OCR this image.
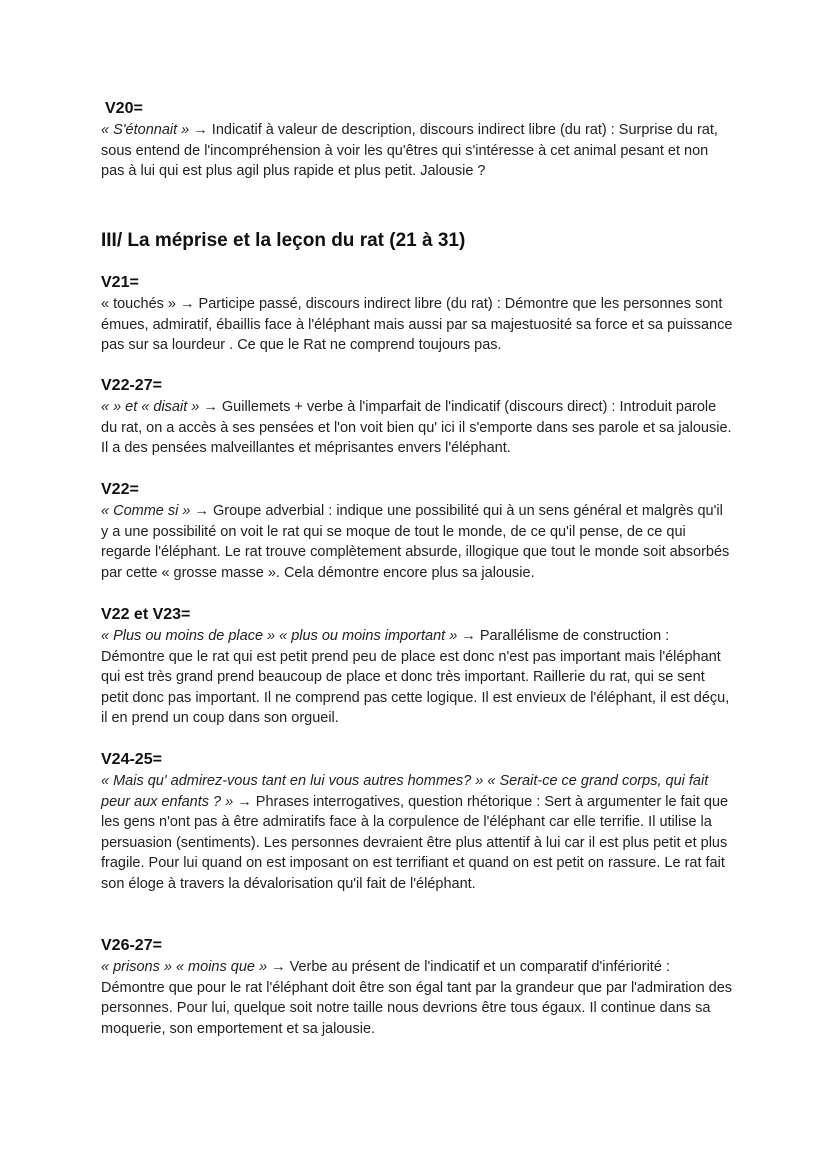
V20=

« S'étonnait » → Indicatif à valeur de description, discours indirect libre (du rat) : Surprise du rat, sous entend de l'incompréhension à voir les qu'êtres qui s'intéresse à cet animal pesant et non pas à lui qui est plus agil plus rapide et plus petit. Jalousie ?

III/ La méprise et la leçon du rat (21 à 31)

V21=

« touchés » → Participe passé, discours indirect libre (du rat) : Démontre que les personnes sont émues, admiratif, ébaillis face à l'éléphant mais aussi par sa majestuosité sa force et sa puissance pas sur sa lourdeur . Ce que le Rat ne comprend toujours pas.

V22-27=

« » et « disait » → Guillemets + verbe à l'imparfait de l'indicatif (discours direct) : Introduit parole du rat, on a accès à ses pensées et l'on voit bien qu' ici il s'emporte dans ses parole et sa jalousie. Il a des pensées malveillantes et méprisantes envers l'éléphant.

V22=

« Comme si » → Groupe adverbial : indique une possibilité qui à un sens général et malgrès qu'il y a une possibilité on voit le rat qui se moque de tout le monde, de ce qu'il pense, de ce qui regarde l'éléphant. Le rat trouve complètement absurde, illogique que tout le monde soit absorbés par cette « grosse masse ». Cela démontre encore plus sa jalousie.

V22 et V23=

« Plus ou moins de place » « plus ou moins important » → Parallélisme de construction : Démontre que le rat qui est petit prend peu de place est donc n'est pas important mais l'éléphant qui est très grand prend beaucoup de place et donc très important. Raillerie du rat, qui se sent petit donc pas important. Il ne comprend pas cette logique. Il est envieux de l'éléphant, il est déçu, il en prend un coup dans son orgueil.

V24-25=

« Mais qu' admirez-vous tant en lui vous autres hommes? » « Serait-ce ce grand corps, qui fait peur aux enfants ? » → Phrases interrogatives, question rhétorique : Sert à argumenter le fait que les gens n'ont pas à être admiratifs face à la corpulence de l'éléphant car elle terrifie. Il utilise la persuasion (sentiments). Les personnes devraient être plus attentif à lui car il est plus petit et plus fragile. Pour lui quand on est imposant on est terrifiant et quand on est petit on rassure. Le rat fait son éloge à travers la dévalorisation qu'il fait de l'éléphant.

V26-27=

« prisons » « moins que » → Verbe au présent de l'indicatif et un comparatif d'infériorité : Démontre que pour le rat l'éléphant doit être son égal tant par la grandeur que par l'admiration des personnes. Pour lui, quelque soit notre taille nous devrions être tous égaux. Il continue dans sa moquerie, son emportement et sa jalousie.
